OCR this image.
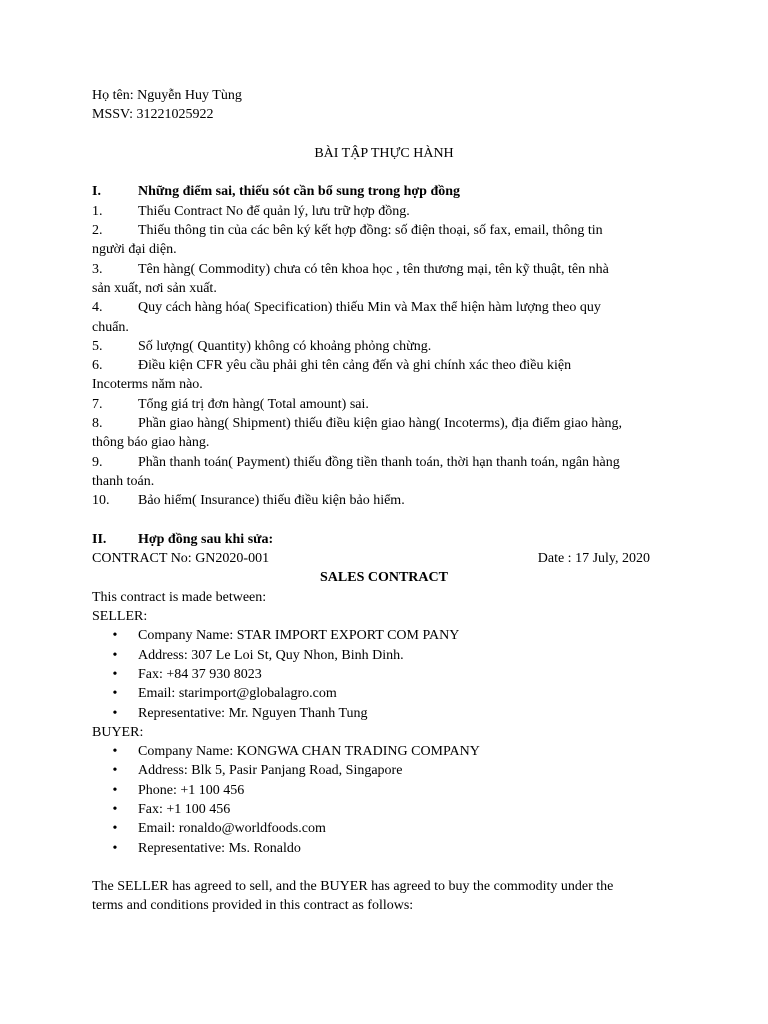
Họ tên: Nguyễn Huy Tùng
MSSV: 31221025922
BÀI TẬP THỰC HÀNH
I.	Những điểm sai, thiếu sót cần bổ sung trong hợp đồng
1.	Thiếu Contract No để quản lý, lưu trữ hợp đồng.
2.	Thiếu thông tin của các bên ký kết hợp đồng: số điện thoại, số fax, email, thông tin
người đại diện.
3.	Tên hàng( Commodity) chưa có tên khoa học , tên thương mại, tên kỹ thuật, tên nhà
sản xuất, nơi sản xuất.
4.	Quy cách hàng hóa( Specification) thiếu Min và Max thể hiện hàm lượng theo quy
chuẩn.
5.	Số lượng( Quantity) không có khoảng phỏng chừng.
6.	Điều kiện CFR yêu cầu phải ghi tên cảng đến và ghi chính xác theo điều kiện
Incoterms năm nào.
7.	Tổng giá trị đơn hàng( Total amount) sai.
8.	Phần giao hàng( Shipment) thiếu điều kiện giao hàng( Incoterms), địa điểm giao hàng,
thông báo giao hàng.
9.	Phần thanh toán( Payment) thiếu đồng tiền thanh toán, thời hạn thanh toán, ngân hàng
thanh toán.
10. Bảo hiểm( Insurance) thiếu điều kiện bảo hiểm.
II.	Hợp đồng sau khi sửa:
CONTRACT No: GN2020-001	Date : 17 July, 2020
SALES CONTRACT
This contract is made between:
SELLER:
•	Company Name: STAR IMPORT EXPORT COM PANY
•	Address: 307 Le Loi St, Quy Nhon, Binh Dinh.
•	Fax: +84 37 930 8023
•	Email: starimport@globalagro.com
•	Representative: Mr. Nguyen Thanh Tung
BUYER:
•	Company Name: KONGWA CHAN TRADING COMPANY
•	Address: Blk 5, Pasir Panjang Road, Singapore
•	Phone: +1 100 456
•	Fax: +1 100 456
•	Email: ronaldo@worldfoods.com
•	Representative: Ms. Ronaldo
The SELLER has agreed to sell, and the BUYER has agreed to buy the commodity under the
terms and conditions provided in this contract as follows:
